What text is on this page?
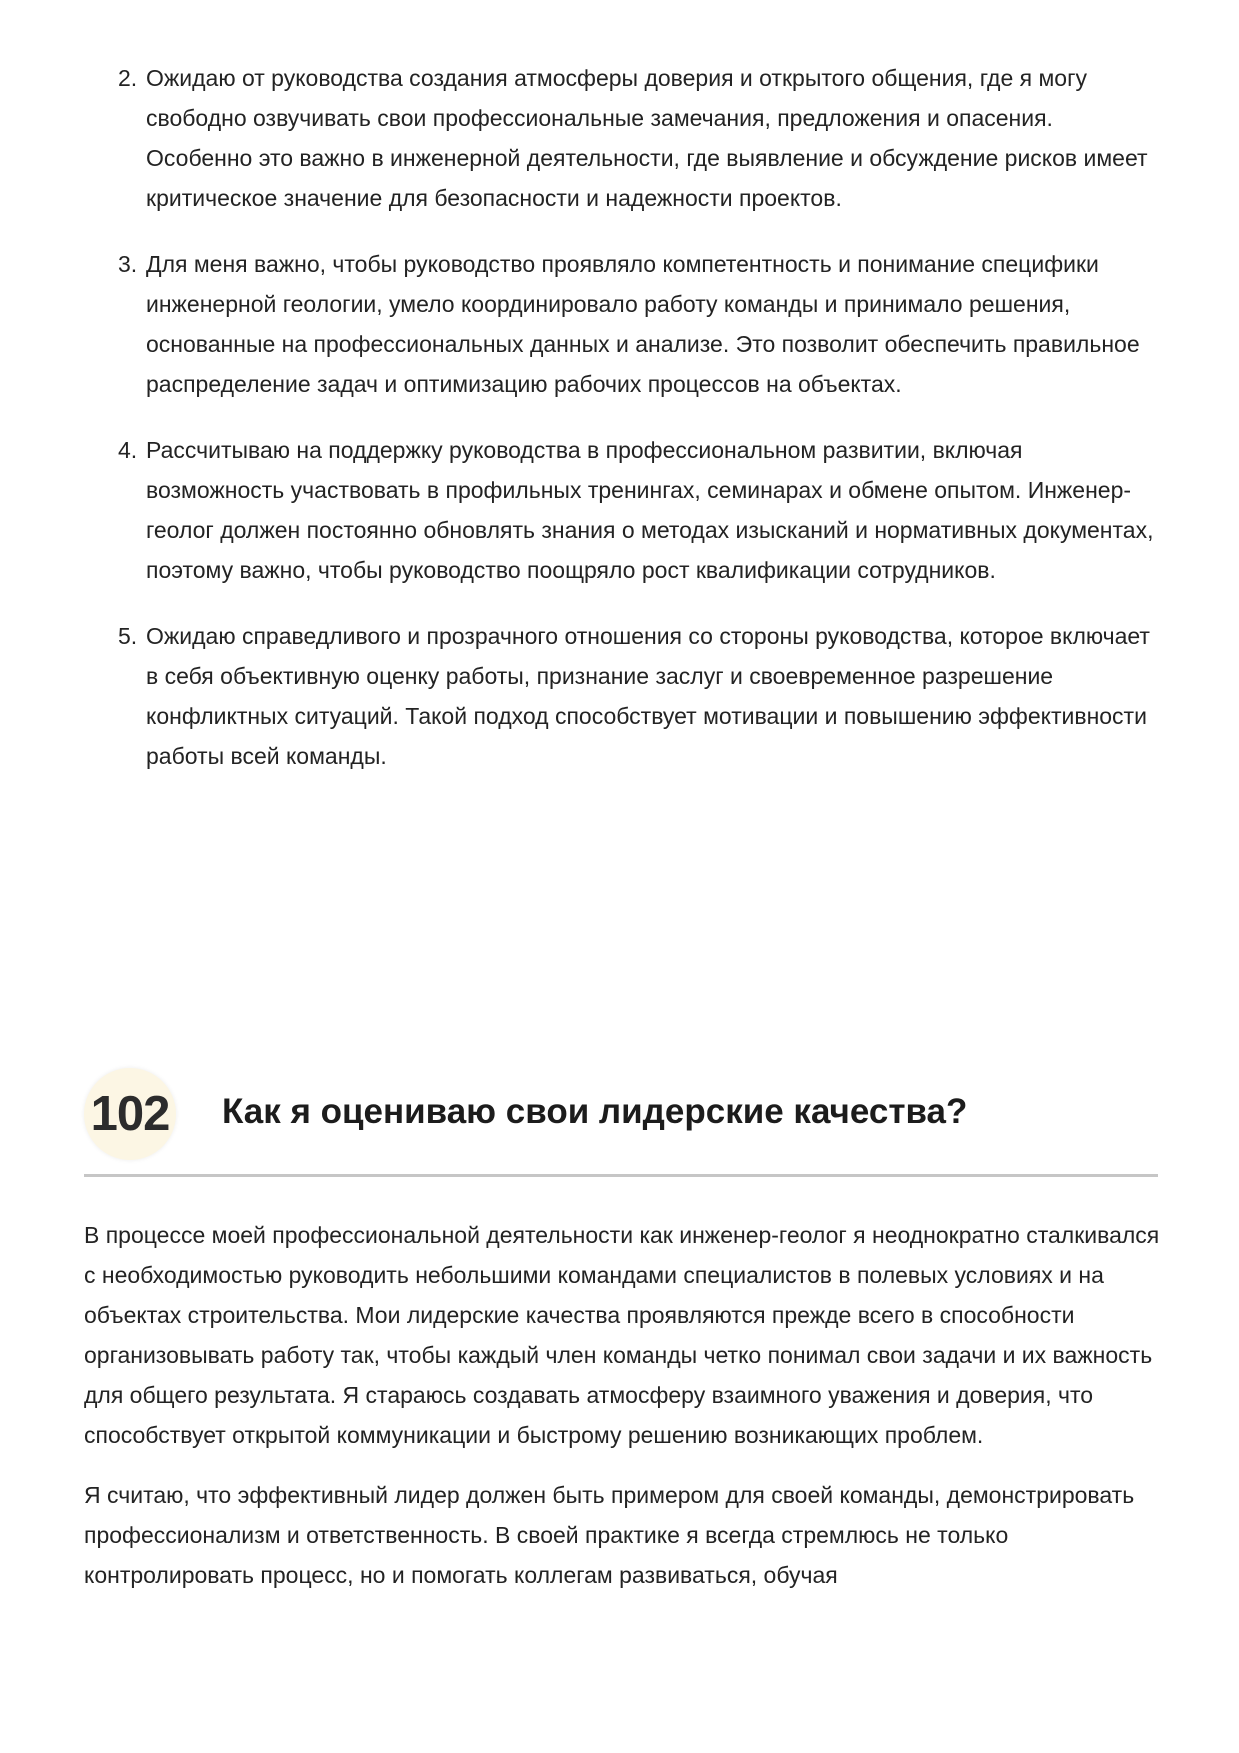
2. Ожидаю от руководства создания атмосферы доверия и открытого общения, где я могу свободно озвучивать свои профессиональные замечания, предложения и опасения. Особенно это важно в инженерной деятельности, где выявление и обсуждение рисков имеет критическое значение для безопасности и надежности проектов.
3. Для меня важно, чтобы руководство проявляло компетентность и понимание специфики инженерной геологии, умело координировало работу команды и принимало решения, основанные на профессиональных данных и анализе. Это позволит обеспечить правильное распределение задач и оптимизацию рабочих процессов на объектах.
4. Рассчитываю на поддержку руководства в профессиональном развитии, включая возможность участвовать в профильных тренингах, семинарах и обмене опытом. Инженер-геолог должен постоянно обновлять знания о методах изысканий и нормативных документах, поэтому важно, чтобы руководство поощряло рост квалификации сотрудников.
5. Ожидаю справедливого и прозрачного отношения со стороны руководства, которое включает в себя объективную оценку работы, признание заслуг и своевременное разрешение конфликтных ситуаций. Такой подход способствует мотивации и повышению эффективности работы всей команды.
102 Как я оцениваю свои лидерские качества?

В процессе моей профессиональной деятельности как инженер-геолог я неоднократно сталкивался с необходимостью руководить небольшими командами специалистов в полевых условиях и на объектах строительства. Мои лидерские качества проявляются прежде всего в способности организовывать работу так, чтобы каждый член команды четко понимал свои задачи и их важность для общего результата. Я стараюсь создавать атмосферу взаимного уважения и доверия, что способствует открытой коммуникации и быстрому решению возникающих проблем.

Я считаю, что эффективный лидер должен быть примером для своей команды, демонстрировать профессионализм и ответственность. В своей практике я всегда стремлюсь не только контролировать процесс, но и помогать коллегам развиваться, обучая
